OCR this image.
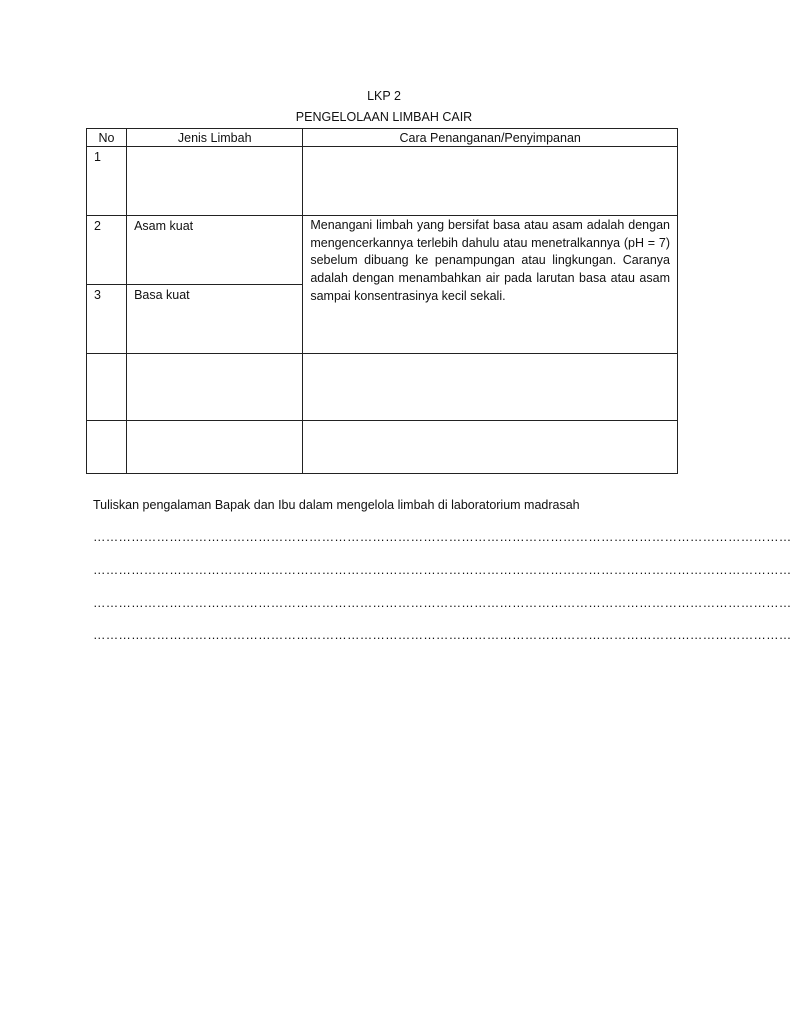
LKP 2
PENGELOLAAN LIMBAH CAIR
No	Jenis Limbah	Cara Penanganan/Penyimpanan
1		
2	Asam kuat	Menangani limbah yang bersifat basa atau asam adalah dengan mengencerkannya terlebih dahulu atau menetralkannya (pH = 7) sebelum dibuang ke penampungan atau lingkungan. Caranya adalah dengan menambahkan air pada larutan basa atau asam sampai konsentrasinya kecil sekali.
3	Basa kuat	

Tuliskan pengalaman Bapak dan Ibu dalam mengelola limbah di laboratorium madrasah
…………………………………………………………………………………………………………………………………………………
…………………………………………………………………………………………………………………………………………………
…………………………………………………………………………………………………………………………………………………
…………………………………………………………………………………………………………………………………………………
